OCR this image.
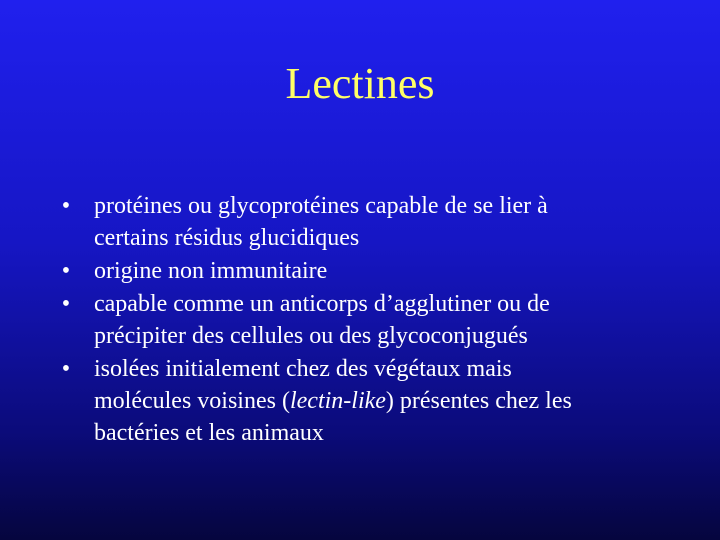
Lectines
• protéines ou glycoprotéines capable de se lier à
certains résidus glucidiques
• origine non immunitaire
• capable comme un anticorps d’agglutiner ou de
précipiter des cellules ou des glycoconjugués
• isolées initialement chez des végétaux mais
molécules voisines (lectin-like) présentes chez les
bactéries et les animaux
